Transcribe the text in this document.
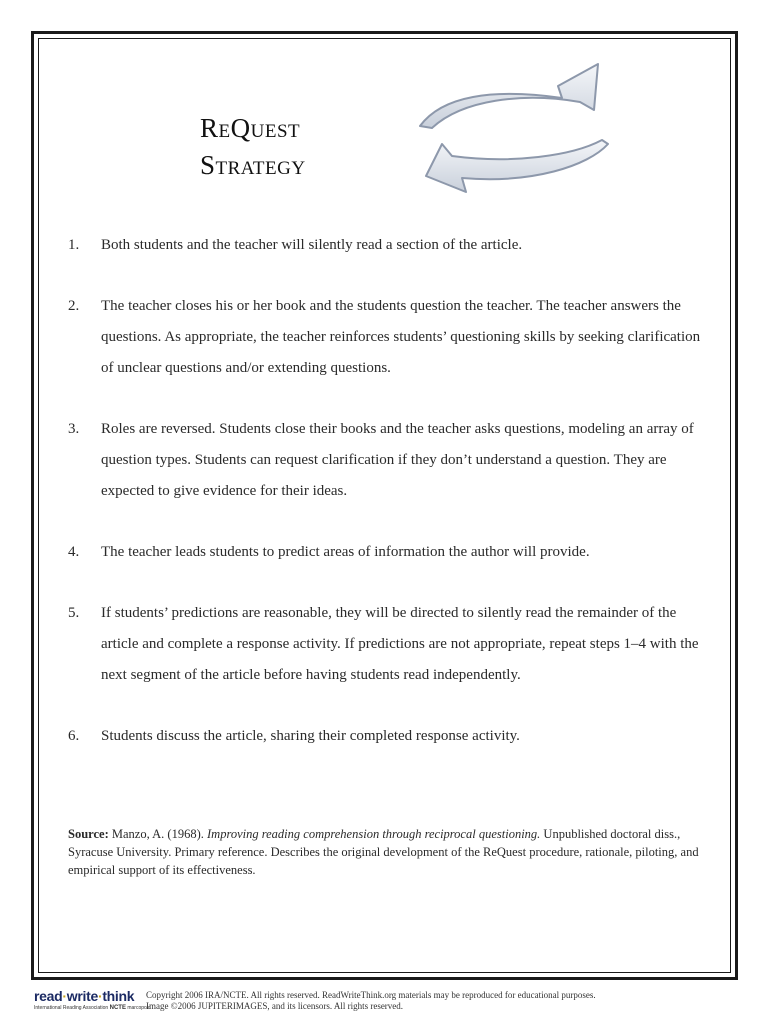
ReQuest
Strategy
1. Both students and the teacher will silently read a section of the article.
2. The teacher closes his or her book and the students question the teacher. The teacher answers the questions. As appropriate, the teacher reinforces students’ questioning skills by seeking clarification of unclear questions and/or extending questions.
3. Roles are reversed. Students close their books and the teacher asks questions, modeling an array of question types. Students can request clarification if they don’t understand a question. They are expected to give evidence for their ideas.
4. The teacher leads students to predict areas of information the author will provide.
5. If students’ predictions are reasonable, they will be directed to silently read the remainder of the article and complete a response activity. If predictions are not appropriate, repeat steps 1–4 with the next segment of the article before having students read independently.
6. Students discuss the article, sharing their completed response activity.

Source: Manzo, A. (1968). Improving reading comprehension through reciprocal questioning. Unpublished doctoral diss., Syracuse University. Primary reference. Describes the original development of the ReQuest procedure, rationale, piloting, and empirical support of its effectiveness.

read·write·think
International Reading Association NCTE marcopolo
Copyright 2006 IRA/NCTE. All rights reserved. ReadWriteThink.org materials may be reproduced for educational purposes.
Image ©2006 JUPITERIMAGES, and its licensors. All rights reserved.
